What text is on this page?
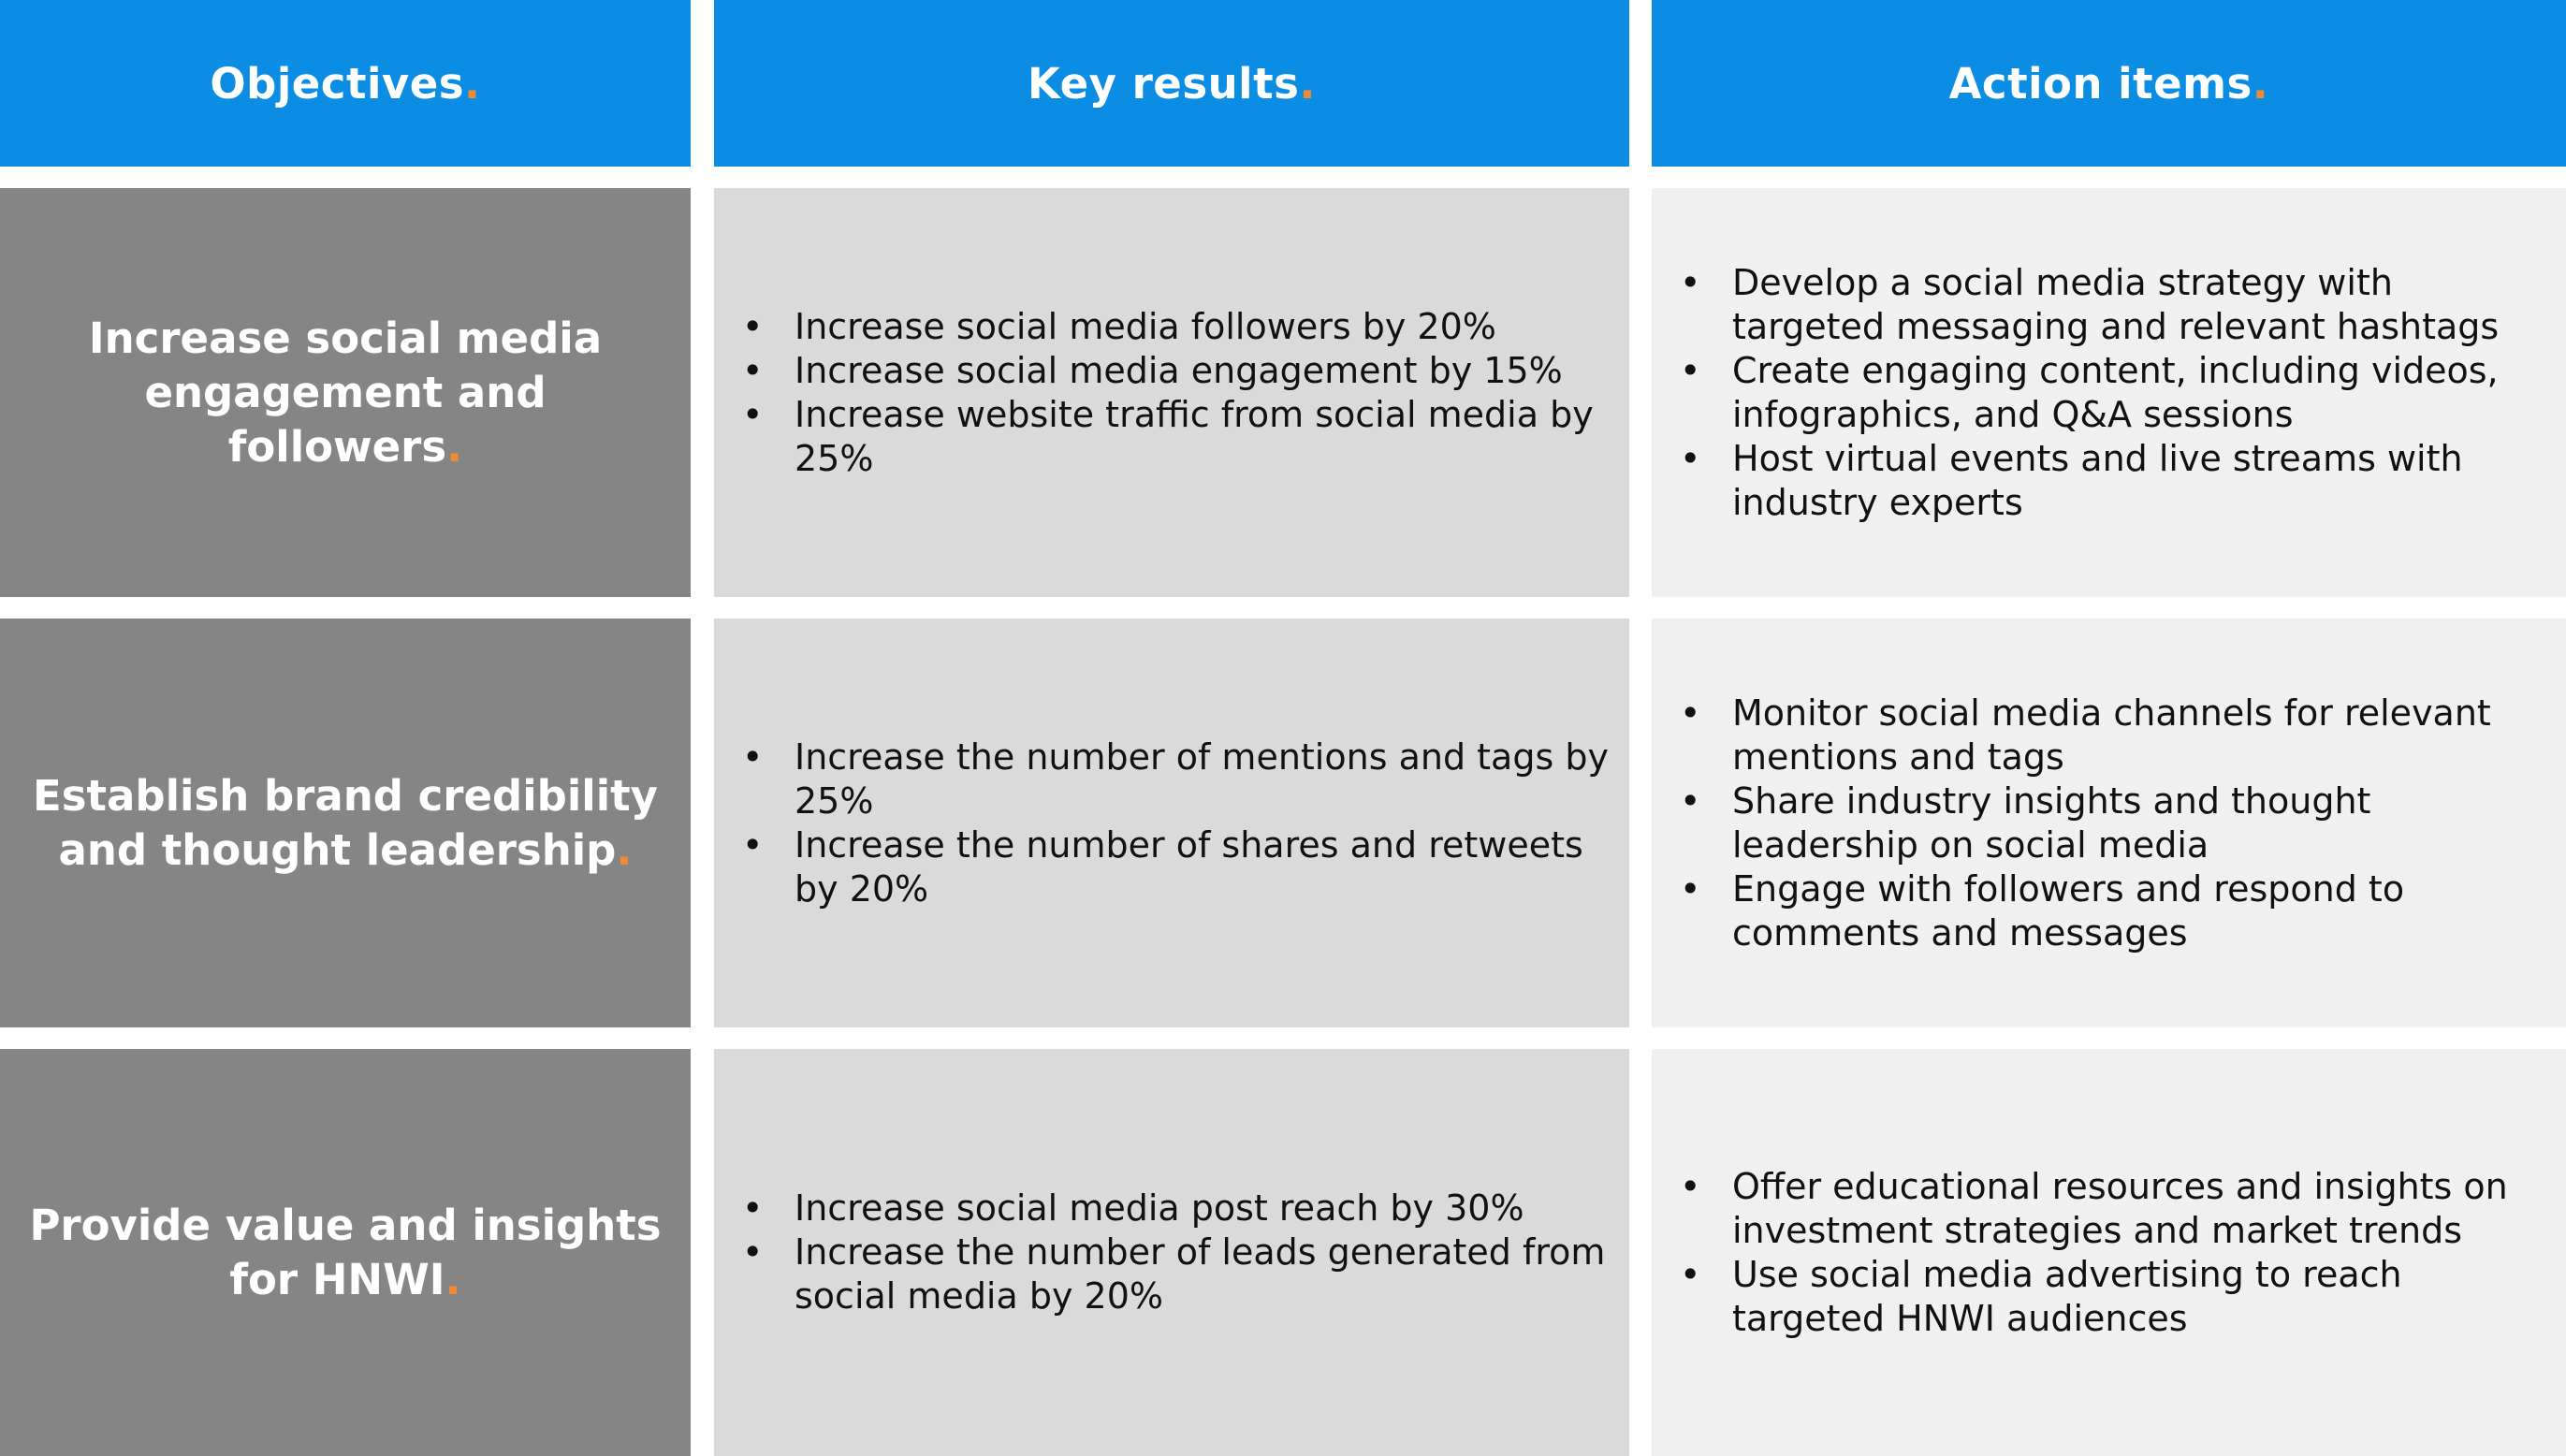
Objectives .	Key results .	Action items .
Increase social media engagement and followers.
• Increase social media followers by 20%
• Increase social media engagement by 15%
• Increase website traffic from social media by 25%
• Develop a social media strategy with targeted messaging and relevant hashtags
• Create engaging content, including videos, infographics, and Q&A sessions
• Host virtual events and live streams with industry experts
Establish brand credibility and thought leadership.
• Increase the number of mentions and tags by 25%
• Increase the number of shares and retweets by 20%
• Monitor social media channels for relevant mentions and tags
• Share industry insights and thought leadership on social media
• Engage with followers and respond to comments and messages
Provide value and insights for HNWI.
• Increase social media post reach by 30%
• Increase the number of leads generated from social media by 20%
• Offer educational resources and insights on investment strategies and market trends
• Use social media advertising to reach targeted HNWI audiences
